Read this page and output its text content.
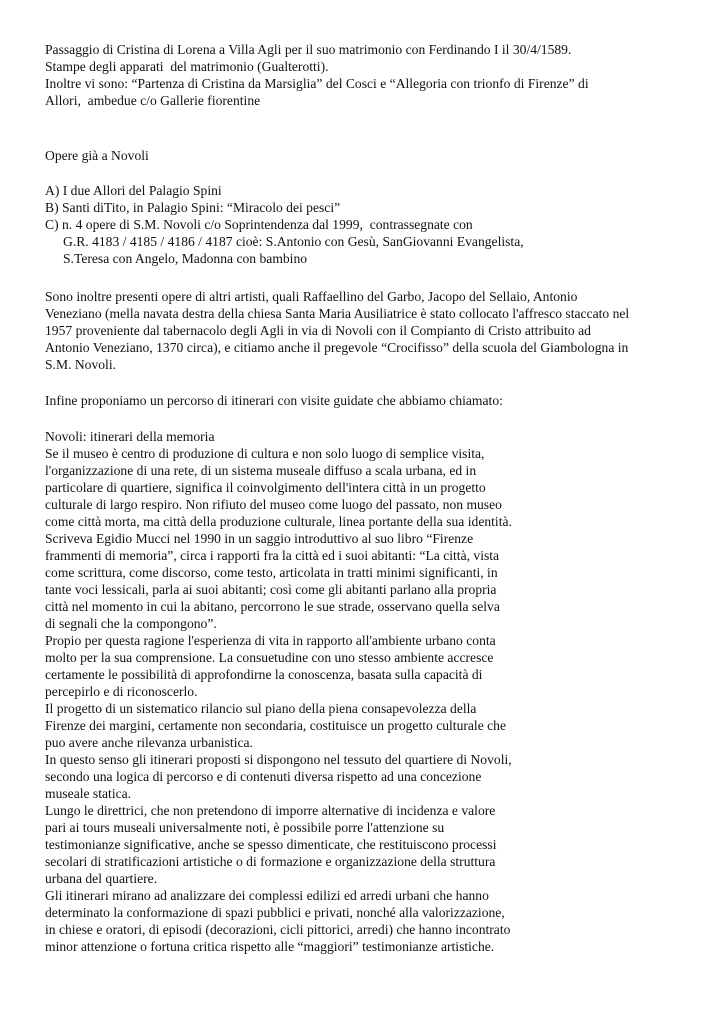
Passaggio di Cristina di Lorena a Villa Agli per il suo matrimonio con Ferdinando I il 30/4/1589.
Stampe degli apparati  del matrimonio (Gualterotti).
Inoltre vi sono: “Partenza di Cristina da Marsiglia” del Cosci e “Allegoria con trionfo di Firenze” di
Allori,  ambedue c/o Gallerie fiorentine
Opere già a Novoli
A) I due Allori del Palagio Spini
B) Santi diTito, in Palagio Spini: “Miracolo dei pesci”
C) n. 4 opere di S.M. Novoli c/o Soprintendenza dal 1999,  contrassegnate con
G.R. 4183 / 4185 / 4186 / 4187 cioè: S.Antonio con Gesù, SanGiovanni Evangelista,
S.Teresa con Angelo, Madonna con bambino
Sono inoltre presenti opere di altri artisti, quali Raffaellino del Garbo, Jacopo del Sellaio, Antonio
Veneziano (mella navata destra della chiesa Santa Maria Ausiliatrice è stato collocato l'affresco staccato nel
1957 proveniente dal tabernacolo degli Agli in via di Novoli con il Compianto di Cristo attribuito ad
Antonio Veneziano, 1370 circa), e citiamo anche il pregevole “Crocifisso” della scuola del Giambologna in
S.M. Novoli.
Infine proponiamo un percorso di itinerari con visite guidate che abbiamo chiamato:
Novoli: itinerari della memoria
Se il museo è centro di produzione di cultura e non solo luogo di semplice visita,
l'organizzazione di una rete, di un sistema museale diffuso a scala urbana, ed in
particolare di quartiere, significa il coinvolgimento dell'intera città in un progetto
culturale di largo respiro. Non rifiuto del museo come luogo del passato, non museo
come città morta, ma città della produzione culturale, linea portante della sua identità.
Scriveva Egidio Mucci nel 1990 in un saggio introduttivo al suo libro “Firenze
frammenti di memoria”, circa i rapporti fra la città ed i suoi abitanti: “La città, vista
come scrittura, come discorso, come testo, articolata in tratti minimi significanti, in
tante voci lessicali, parla ai suoi abitanti; così come gli abitanti parlano alla propria
città nel momento in cui la abitano, percorrono le sue strade, osservano quella selva
di segnali che la compongono”.
Propio per questa ragione l'esperienza di vita in rapporto all'ambiente urbano conta
molto per la sua comprensione. La consuetudine con uno stesso ambiente accresce
certamente le possibilità di approfondirne la conoscenza, basata sulla capacità di
percepirlo e di riconoscerlo.
Il progetto di un sistematico rilancio sul piano della piena consapevolezza della
Firenze dei margini, certamente non secondaria, costituisce un progetto culturale che
puo avere anche rilevanza urbanistica.
In questo senso gli itinerari proposti si dispongono nel tessuto del quartiere di Novoli,
secondo una logica di percorso e di contenuti diversa rispetto ad una concezione
museale statica.
Lungo le direttrici, che non pretendono di imporre alternative di incidenza e valore
pari ai tours museali universalmente noti, è possibile porre l'attenzione su
testimonianze significative, anche se spesso dimenticate, che restituiscono processi
secolari di stratificazioni artistiche o di formazione e organizzazione della struttura
urbana del quartiere.
Gli itinerari mirano ad analizzare dei complessi edilizi ed arredi urbani che hanno
determinato la conformazione di spazi pubblici e privati, nonché alla valorizzazione,
in chiese e oratori, di episodi (decorazioni, cicli pittorici, arredi) che hanno incontrato
minor attenzione o fortuna critica rispetto alle “maggiori” testimonianze artistiche.
